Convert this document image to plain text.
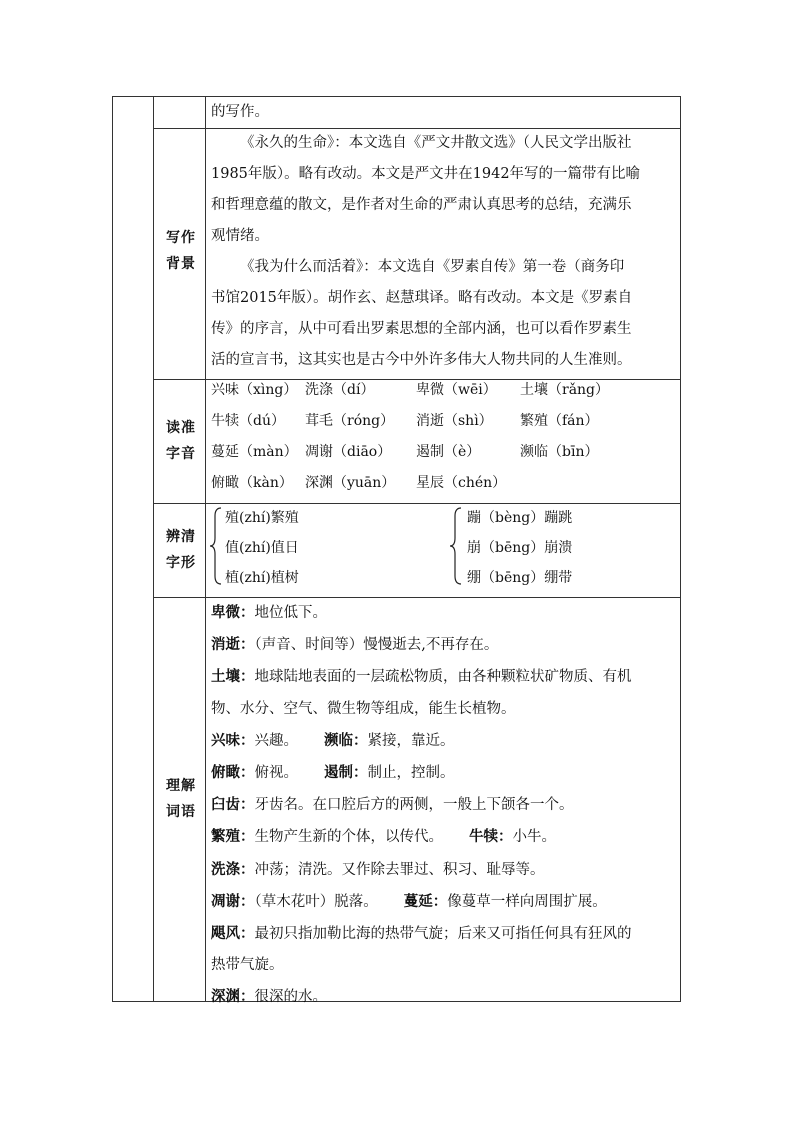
的写作。
写作
背景
《永久的生命》：本文选自《严文井散文选》（人民文学出版社
1985年版）。略有改动。本文是严文井在1942年写的一篇带有比喻
和哲理意蕴的散文，是作者对生命的严肃认真思考的总结，充满乐
观情绪。
《我为什么而活着》：本文选自《罗素自传》第一卷（商务印
书馆2015年版）。胡作玄、赵慧琪译。略有改动。本文是《罗素自
传》的序言，从中可看出罗素思想的全部内涵，也可以看作罗素生
活的宣言书，这其实也是古今中外许多伟大人物共同的人生准则。
读准
字音
兴味（xìng） 洗涤（dí）	卑微（wēi）	土壤（rǎng）
牛犊（dú）	茸毛（róng）	消逝（shì）	繁殖（fán）
蔓延（màn） 凋谢（diāo）	遏制（è）	濒临（bīn）
俯瞰（kàn） 深渊（yuān）	星辰（chén）
辨清
字形
殖(zhí)繁殖
值(zhí)值日
植(zhí)植树
蹦（bèng）蹦跳
崩（bēng）崩溃
绷（bēng）绷带
理解
词语
卑微：地位低下。
消逝：（声音、时间等）慢慢逝去,不再存在。
土壤：地球陆地表面的一层疏松物质，由各种颗粒状矿物质、有机
物、水分、空气、微生物等组成，能生长植物。
兴味：兴趣。 濒临：紧接，靠近。
俯瞰：俯视。 遏制：制止，控制。
臼齿：牙齿名。在口腔后方的两侧，一般上下颌各一个。
繁殖：生物产生新的个体，以传代。 牛犊：小牛。
洗涤：冲荡；清洗。又作除去罪过、积习、耻辱等。
凋谢：（草木花叶）脱落。 蔓延：像蔓草一样向周围扩展。
飓风：最初只指加勒比海的热带气旋；后来又可指任何具有狂风的
热带气旋。
深渊：很深的水。
